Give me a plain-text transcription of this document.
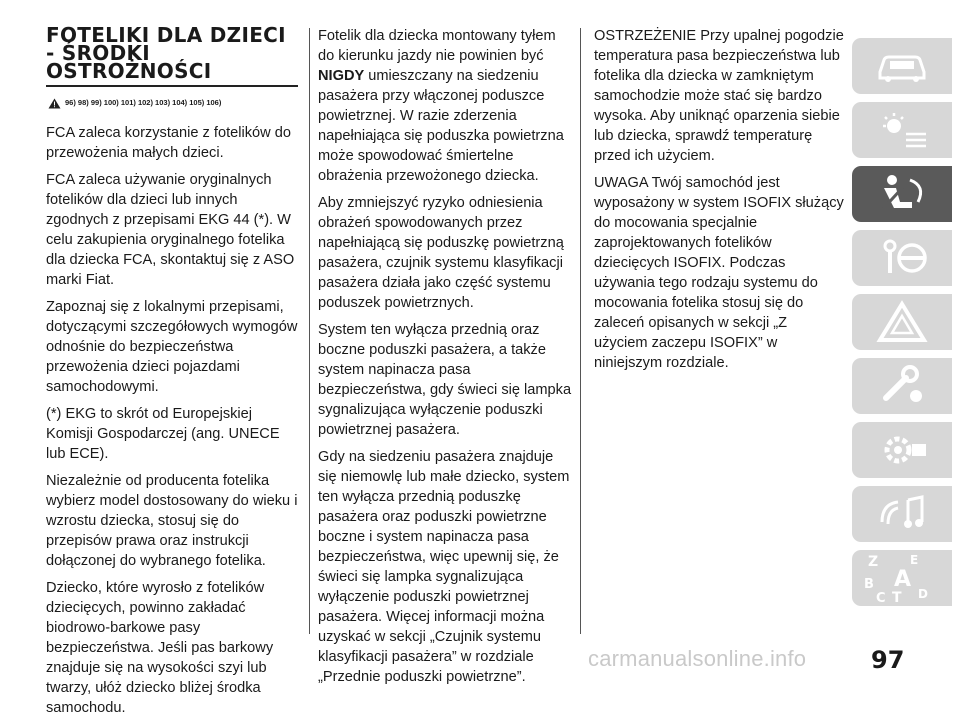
FOTELIKI DLA DZIECI - ŚRODKI OSTROŻNOŚCI
96) 98) 99) 100) 101) 102) 103) 104) 105) 106)

FCA zaleca korzystanie z fotelików do przewożenia małych dzieci.

FCA zaleca używanie oryginalnych fotelików dla dzieci lub innych zgodnych z przepisami EKG 44 (*). W celu zakupienia oryginalnego fotelika dla dziecka FCA, skontaktuj się z ASO marki Fiat.

Zapoznaj się z lokalnymi przepisami, dotyczącymi szczegółowych wymogów odnośnie do bezpieczeństwa przewożenia dzieci pojazdami samochodowymi.

(*) EKG to skrót od Europejskiej Komisji Gospodarczej (ang. UNECE lub ECE).

Niezależnie od producenta fotelika wybierz model dostosowany do wieku i wzrostu dziecka, stosuj się do przepisów prawa oraz instrukcji dołączonej do wybranego fotelika.

Dziecko, które wyrosło z fotelików dziecięcych, powinno zakładać biodrowo-barkowe pasy bezpieczeństwa. Jeśli pas barkowy znajduje się na wysokości szyi lub twarzy, ułóż dziecko bliżej środka samochodu.

Fotelik dla dziecka montowany tyłem do kierunku jazdy nie powinien być NIGDY umieszczany na siedzeniu pasażera przy włączonej poduszce powietrznej. W razie zderzenia napełniająca się poduszka powietrzna może spowodować śmiertelne obrażenia przewożonego dziecka.

Aby zmniejszyć ryzyko odniesienia obrażeń spowodowanych przez napełniającą się poduszkę powietrzną pasażera, czujnik systemu klasyfikacji pasażera działa jako część systemu poduszek powietrznych.

System ten wyłącza przednią oraz boczne poduszki pasażera, a także system napinacza pasa bezpieczeństwa, gdy świeci się lampka sygnalizująca wyłączenie poduszki powietrznej pasażera.

Gdy na siedzeniu pasażera znajduje się niemowlę lub małe dziecko, system ten wyłącza przednią poduszkę pasażera oraz poduszki powietrzne boczne i system napinacza pasa bezpieczeństwa, więc upewnij się, że świeci się lampka sygnalizująca wyłączenie poduszki powietrznej pasażera. Więcej informacji można uzyskać w sekcji „Czujnik systemu klasyfikacji pasażera” w rozdziale „Przednie poduszki powietrzne”.

OSTRZEŻENIE Przy upalnej pogodzie temperatura pasa bezpieczeństwa lub fotelika dla dziecka w zamkniętym samochodzie może stać się bardzo wysoka. Aby uniknąć oparzenia siebie lub dziecka, sprawdź temperaturę przed ich użyciem.

UWAGA Twój samochód jest wyposażony w system ISOFIX służący do mocowania specjalnie zaprojektowanych fotelików dziecięcych ISOFIX. Podczas używania tego rodzaju systemu do mocowania fotelika stosuj się do zaleceń opisanych w sekcji „Z użyciem zaczepu ISOFIX” w niniejszym rozdziale.

Z	E
B A
C T D
carmanualsonline.info	97
